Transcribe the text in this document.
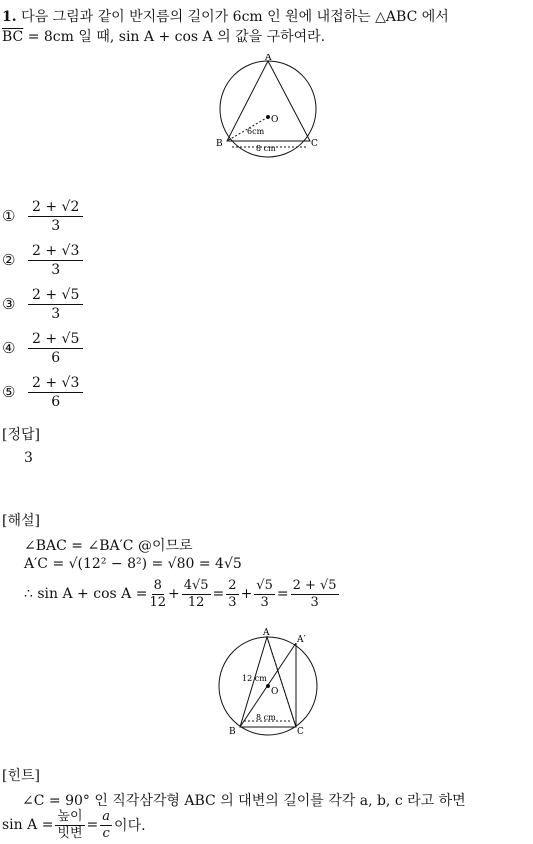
1. 다음 그림과 같이 반지름의 길이가 6cm 인 원에 내접하는 △ABC 에서
$\overline{BC} = 8cm$ 일 때, sin A + cos A 의 값을 구하여라.
A
B	C
O
6cm
8 cm
① $\frac{2 + √2}{3}$
② $\frac{2 + √3}{3}$
③ $\frac{2 + √5}{3}$
④ $\frac{2 + √5}{6}$
⑤ $\frac{2 + √3}{6}$
[정답]
3
[해설]
∠BAC = ∠BA′C @이므로
A′C = √(12² − 8²) = √80 = 4√5
∴ $\sin A + \cos A = \frac{8}{12} + \frac{4√5}{12} = \frac{2}{3} + \frac{√5}{3} = \frac{2 + √5}{3}$
A
A′
B	C
O
12 cm
8 cm
[힌트]
∠C = 90° 인 직각삼각형 ABC 의 대변의 길이를 각각 a, b, c 라고 하면
sin A =
높이
빗변 = $\frac{a}{c}$ 이다.
